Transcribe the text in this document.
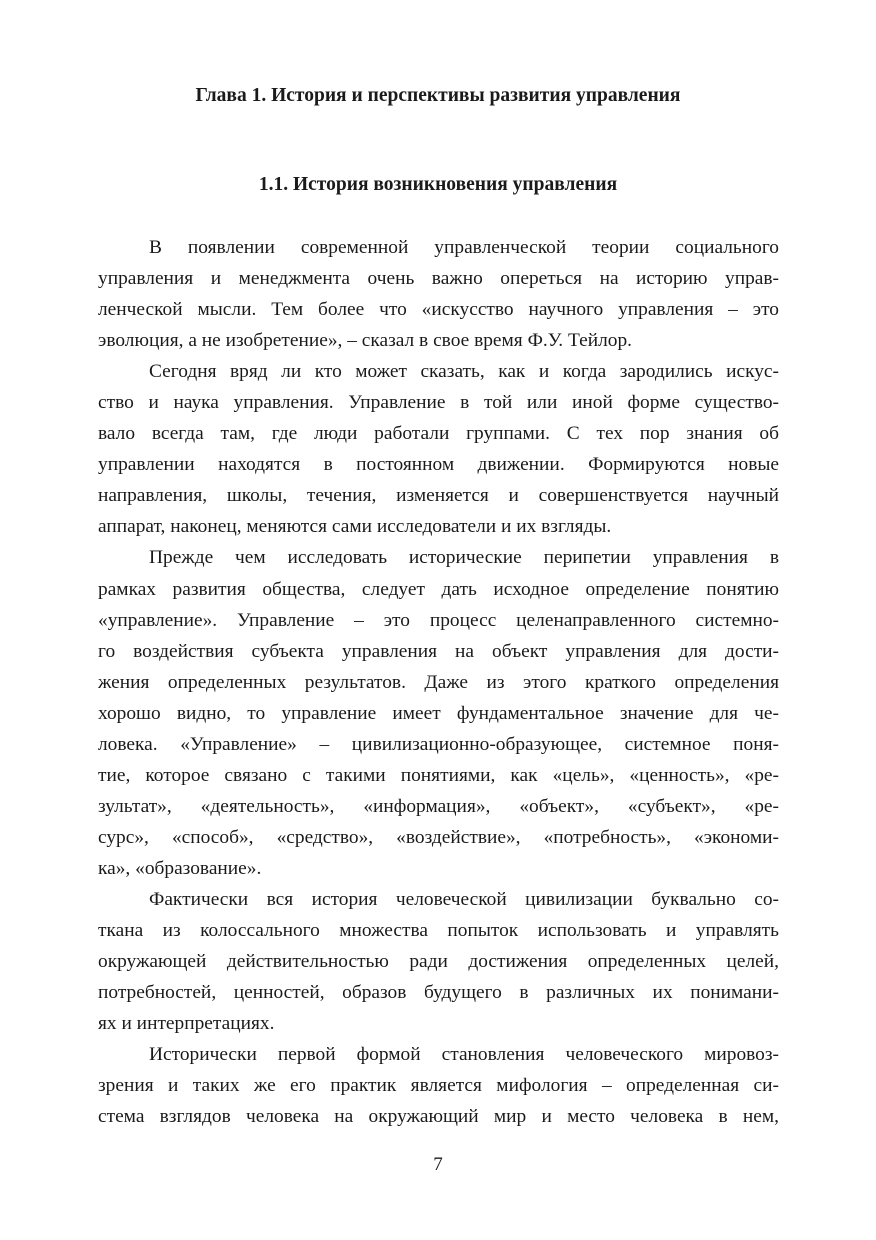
Глава 1. История и перспективы развития управления
1.1. История возникновения управления
В появлении современной управленческой теории социального
управления и менеджмента очень важно опереться на историю управ-
ленческой мысли. Тем более что «искусство научного управления – это
эволюция, а не изобретение», – сказал в свое время Ф.У. Тейлор.
Сегодня вряд ли кто может сказать, как и когда зародились искус-
ство и наука управления. Управление в той или иной форме существо-
вало всегда там, где люди работали группами. С тех пор знания об
управлении находятся в постоянном движении. Формируются новые
направления, школы, течения, изменяется и совершенствуется научный
аппарат, наконец, меняются сами исследователи и их взгляды.
Прежде чем исследовать исторические перипетии управления в
рамках развития общества, следует дать исходное определение понятию
«управление». Управление – это процесс целенаправленного системно-
го воздействия субъекта управления на объект управления для дости-
жения определенных результатов. Даже из этого краткого определения
хорошо видно, то управление имеет фундаментальное значение для че-
ловека. «Управление» – цивилизационно-образующее, системное поня-
тие, которое связано с такими понятиями, как «цель», «ценность», «ре-
зультат», «деятельность», «информация», «объект», «субъект», «ре-
сурс», «способ», «средство», «воздействие», «потребность», «экономи-
ка», «образование».
Фактически вся история человеческой цивилизации буквально со-
ткана из колоссального множества попыток использовать и управлять
окружающей действительностью ради достижения определенных целей,
потребностей, ценностей, образов будущего в различных их понимани-
ях и интерпретациях.
Исторически первой формой становления человеческого мировоз-
зрения и таких же его практик является мифология – определенная си-
стема взглядов человека на окружающий мир и место человека в нем,
7
